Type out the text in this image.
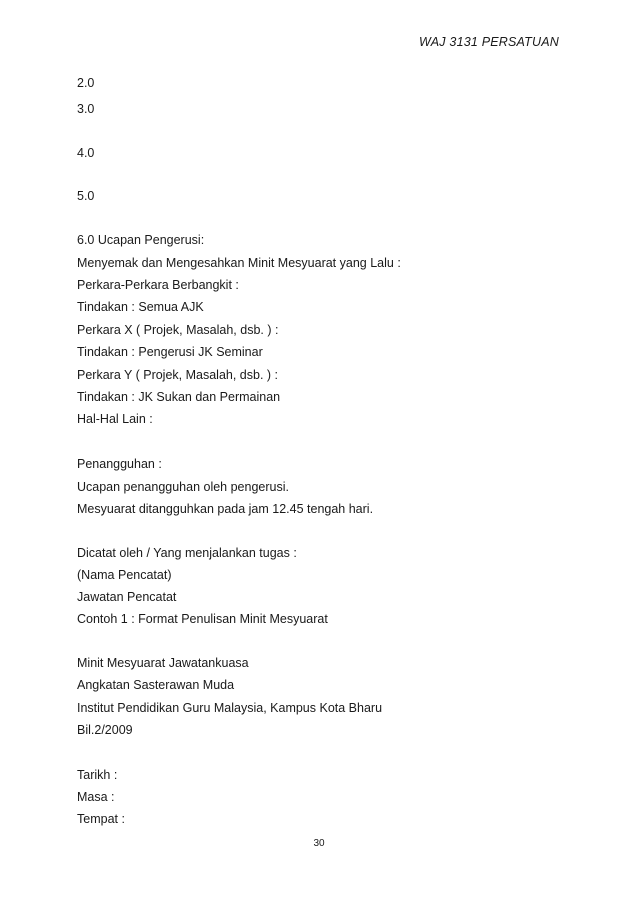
WAJ 3131 PERSATUAN
2.0
3.0
4.0
5.0
6.0 Ucapan Pengerusi:
Menyemak dan Mengesahkan Minit Mesyuarat yang Lalu :
Perkara-Perkara Berbangkit :
Tindakan : Semua AJK
Perkara X ( Projek, Masalah, dsb. ) :
Tindakan : Pengerusi JK Seminar
Perkara Y ( Projek, Masalah, dsb. ) :
Tindakan : JK Sukan dan Permainan
Hal-Hal Lain :
Penangguhan :
Ucapan penangguhan oleh pengerusi.
Mesyuarat ditangguhkan pada jam 12.45 tengah hari.
Dicatat oleh / Yang menjalankan tugas :
(Nama Pencatat)
Jawatan Pencatat
Contoh 1 : Format Penulisan Minit Mesyuarat
Minit Mesyuarat Jawatankuasa
Angkatan Sasterawan Muda
Institut Pendidikan Guru Malaysia, Kampus Kota Bharu
Bil.2/2009
Tarikh :
Masa :
Tempat :
30
